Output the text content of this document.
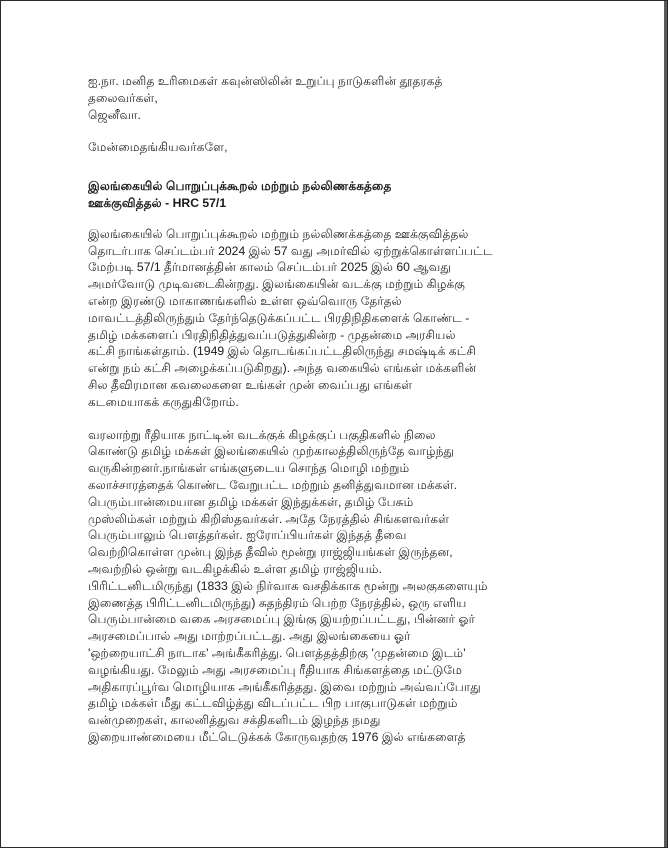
ஐ.நா. மனித உரிமைகள் கவுன்ஸிலின் உறுப்பு நாடுகளின் தூதரகத்
தலைவர்கள்,
ஜெனீவா.
மேன்மைதங்கியவர்களே,
இலங்கையில் பொறுப்புக்கூறல் மற்றும் நல்லிணக்கத்தை
ஊக்குவித்தல் - HRC 57/1
இலங்கையில் பொறுப்புக்கூறல் மற்றும் நல்லிணக்கத்தை ஊக்குவித்தல்
தொடர்பாக செப்டம்பர் 2024 இல் 57 வது அமர்வில் ஏற்றுக்கொள்ளப்பட்ட
மேற்படி 57/1 தீர்மானத்தின் காலம் செப்டம்பர் 2025 இல் 60 ஆவது
அமர்வோடு முடிவடைகின்றது. இலங்கையின் வடக்கு மற்றும் கிழக்கு
என்ற இரண்டு மாகாணங்களில் உள்ள ஒவ்வொரு தேர்தல்
மாவட்டத்திலிருந்தும் தேர்ந்தெடுக்கப்பட்ட பிரதிநிதிகளைக் கொண்ட -
தமிழ் மக்களைப் பிரதிநிதித்துவப்படுத்துகின்ற - முதன்மை அரசியல்
கட்சி நாங்கள்தாம். (1949 இல் தொடங்கப்பட்டதிலிருந்து சமஷ்டிக் கட்சி
என்று நம் கட்சி அழைக்கப்படுகிறது). அந்த வகையில் எங்கள் மக்களின்
சில தீவிரமான கவலைகளை உங்கள் முன் வைப்பது எங்கள்
கடமையாகக் கருதுகிறோம்.
வரலாற்று ரீதியாக நாட்டின் வடக்குக் கிழக்குப் பகுதிகளில் நிலை
கொண்டு தமிழ் மக்கள் இலங்கையில் முற்காலத்திலிருந்தே வாழ்ந்து
வருகின்றனர்.நாங்கள் எங்களுடைய சொந்த மொழி மற்றும்
கலாச்சாரத்தைக் கொண்ட வேறுபட்ட மற்றும் தனித்துவமான மக்கள்.
பெரும்பான்மையான தமிழ் மக்கள் இந்துக்கள், தமிழ் பேசும்
முஸ்லிம்கள் மற்றும் கிறிஸ்தவர்கள். அதே நேரத்தில் சிங்களவர்கள்
பெரும்பாலும் பௌத்தர்கள். ஐரோப்பியர்கள் இந்தத் தீவை
வெற்றிகொள்ள முன்பு இந்த தீவில் மூன்று ராஜ்ஜியங்கள் இருந்தன,
அவற்றில் ஒன்று வடகிழக்கில் உள்ள தமிழ் ராஜ்ஜியம்.
பிரிட்டனிடமிருந்து (1833 இல் நிர்வாக வசதிக்காக மூன்று அலகுகளையும்
இணைத்த பிரிட்டனிடமிருந்து) சுதந்திரம் பெற்ற நேரத்தில், ஒரு எளிய
பெரும்பான்மை வகை அரசமைப்பு இங்கு இயற்றப்பட்டது, பின்னர் ஓர்
அரசமைப்பால் அது மாற்றப்பட்டது. அது இலங்கையை ஓர்
'ஒற்றையாட்சி நாடாக' அங்கீகரித்து. பௌத்தத்திற்கு 'முதன்மை இடம்'
வழங்கியது. மேலும் அது அரசமைப்பு ரீதியாக சிங்களத்தை மட்டுமே
அதிகாரப்பூர்வ மொழியாக அங்கீகரித்தது. இவை மற்றும் அவ்வப்போது
தமிழ் மக்கள் மீது கட்டவிழ்த்து விடப்பட்ட பிற பாகுபாடுகள் மற்றும்
வன்முறைகள், காலனித்துவ சக்திகளிடம் இழந்த நமது
இறையாண்மையை மீட்டெடுக்கக் கோருவதற்கு 1976 இல் எங்களைத்
